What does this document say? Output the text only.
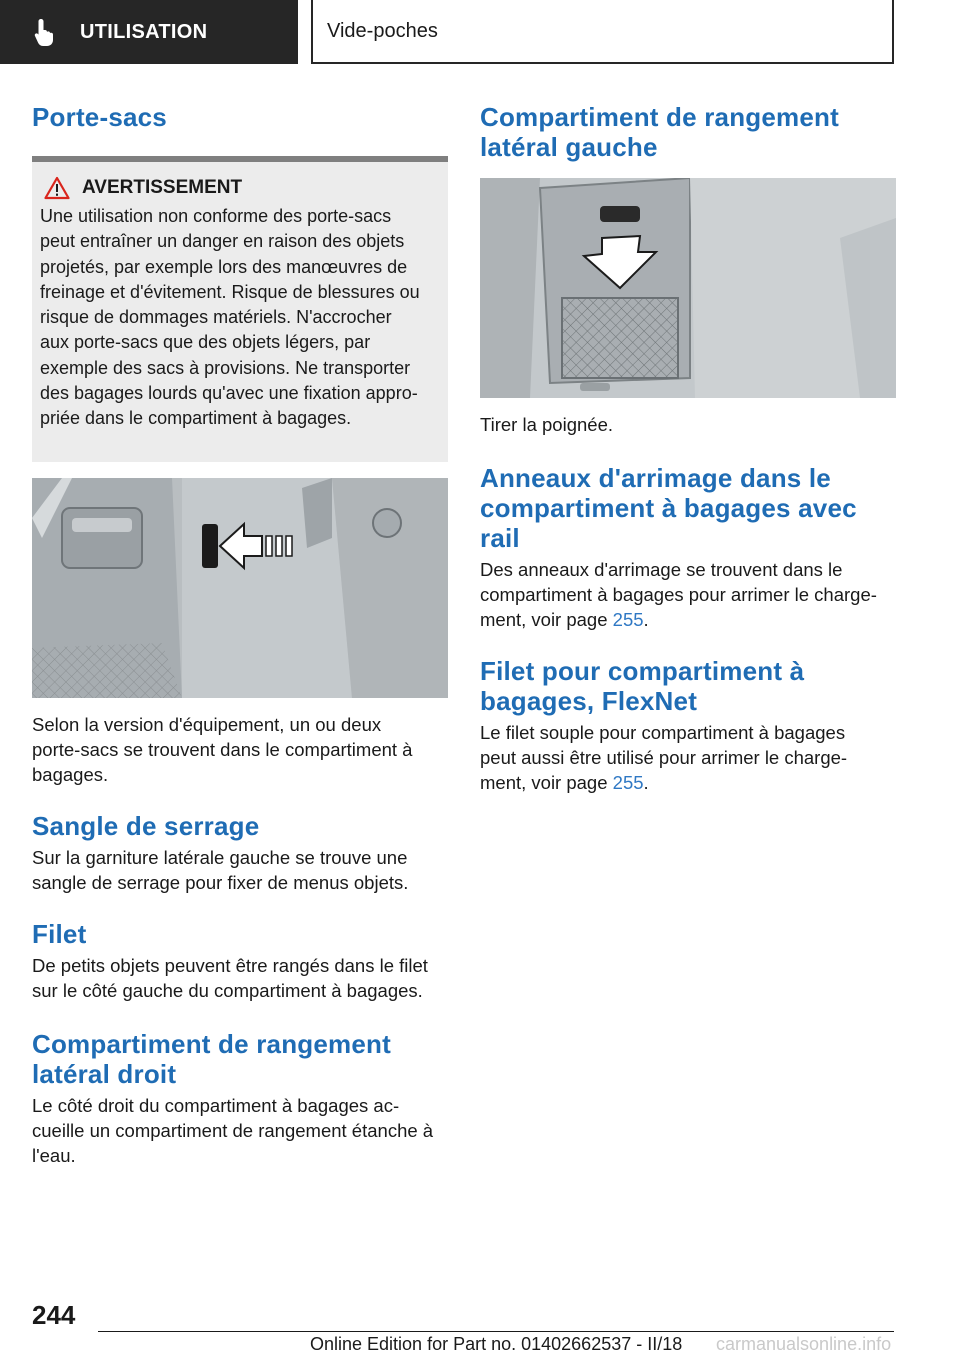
UTILISATION	Vide-poches
Porte-sacs
AVERTISSEMENT

Une utilisation non conforme des porte-sacs
peut entraîner un danger en raison des objets
projetés, par exemple lors des manœuvres de
freinage et d'évitement. Risque de blessures ou
risque de dommages matériels. N'accrocher
aux porte-sacs que des objets légers, par
exemple des sacs à provisions. Ne transporter
des bagages lourds qu'avec une fixation appro‐
priée dans le compartiment à bagages.

Selon la version d'équipement, un ou deux
porte-sacs se trouvent dans le compartiment à
bagages.

Sangle de serrage

Sur la garniture latérale gauche se trouve une
sangle de serrage pour fixer de menus objets.

Filet

De petits objets peuvent être rangés dans le filet
sur le côté gauche du compartiment à bagages.

Compartiment de rangement
latéral droit

Le côté droit du compartiment à bagages ac‐
cueille un compartiment de rangement étanche à
l'eau.

Compartiment de rangement
latéral gauche

Tirer la poignée.

Anneaux d'arrimage dans le
compartiment à bagages avec
rail

Des anneaux d'arrimage se trouvent dans le
compartiment à bagages pour arrimer le charge‐
ment, voir page 255.

Filet pour compartiment à
bagages, FlexNet

Le filet souple pour compartiment à bagages
peut aussi être utilisé pour arrimer le charge‐
ment, voir page 255.

244
Online Edition for Part no. 01402662537 - II/18 carmanualsonline.info
